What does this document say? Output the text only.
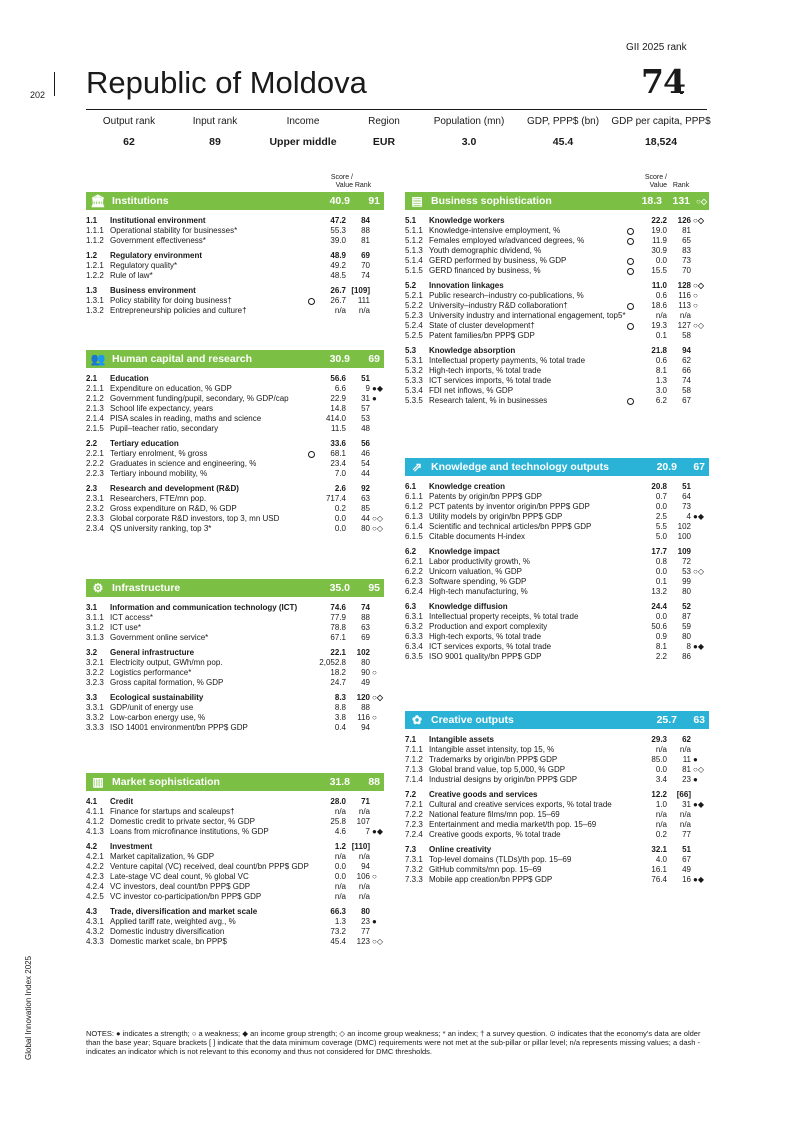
GII 2025 rank
202 Republic of Moldova	74
Output rank
62
Input rank
89
Income
Upper middle
Region
EUR
Population (mn)
3.0
GDP, PPP$ (bn)
45.4
GDP per capita, PPP$
18,524
Score /
Value Rank
Score /
Value Rank
🏛 Institutions	40.9	91
1.1 Institutional environment	47.2	84
1.1.1 Operational stability for businesses*	55.3	88
1.1.2 Government effectiveness*	39.0	81
1.2 Regulatory environment	48.9	69
1.2.1 Regulatory quality*	49.2	70
1.2.2 Rule of law*	48.5	74
1.3 Business environment	26.7 [109]
1.3.1 Policy stability for doing business†	26.7	111
1.3.2 Entrepreneurship policies and culture†	n/a	n/a
👥 Human capital and research	30.9	69
2.1 Education	56.6	51
2.1.1 Expenditure on education, % GDP	6.6	9 ●◆
2.1.2 Government funding/pupil, secondary, % GDP/cap	22.9	31 ●
2.1.3 School life expectancy, years	14.8	57
2.1.4 PISA scales in reading, maths and science	414.0	53
2.1.5 Pupil–teacher ratio, secondary	11.5	48
2.2 Tertiary education	33.6	56
2.2.1 Tertiary enrolment, % gross	68.1	46
2.2.2 Graduates in science and engineering, %	23.4	54
2.2.3 Tertiary inbound mobility, %	7.0	44
2.3 Research and development (R&D)	2.6	92
2.3.1 Researchers, FTE/mn pop.	717.4	63
2.3.2 Gross expenditure on R&D, % GDP	0.2	85
2.3.3 Global corporate R&D investors, top 3, mn USD	0.0	44 ○◇
2.3.4 QS university ranking, top 3*	0.0	80 ○◇
⚙ Infrastructure	35.0	95
3.1 Information and communication technology (ICT)	74.6	74
3.1.1 ICT access*	77.9	88
3.1.2 ICT use*	78.8	63
3.1.3 Government online service*	67.1	69
3.2 General infrastructure	22.1	102
3.2.1 Electricity output, GWh/mn pop.	2,052.8	80
3.2.2 Logistics performance*	18.2	90 ○
3.2.3 Gross capital formation, % GDP	24.7	49
3.3 Ecological sustainability	8.3	120 ○◇
3.3.1 GDP/unit of energy use	8.8	88
3.3.2 Low-carbon energy use, %	3.8	116 ○
3.3.3 ISO 14001 environment/bn PPP$ GDP	0.4	94
▥ Market sophistication	31.8	88
4.1 Credit	28.0	71
4.1.1 Finance for startups and scaleups†	n/a	n/a
4.1.2 Domestic credit to private sector, % GDP	25.8	107
4.1.3 Loans from microfinance institutions, % GDP	4.6	7 ●◆
4.2 Investment	1.2 [110]
4.2.1 Market capitalization, % GDP	n/a	n/a
4.2.2 Venture capital (VC) received, deal count/bn PPP$ GDP	0.0	94
4.2.3 Late-stage VC deal count, % global VC	0.0	106 ○
4.2.4 VC investors, deal count/bn PPP$ GDP	n/a	n/a
4.2.5 VC investor co-participation/bn PPP$ GDP	n/a	n/a
4.3 Trade, diversification and market scale	66.3	80
4.3.1 Applied tariff rate, weighted avg., %	1.3	23 ●
4.3.2 Domestic industry diversification	73.2	77
4.3.3 Domestic market scale, bn PPP$	45.4	123 ○◇
▤ Business sophistication	18.3 131 ○◇
5.1 Knowledge workers	22.2	126 ○◇
5.1.1 Knowledge-intensive employment, %	19.0	81
5.1.2 Females employed w/advanced degrees, %	11.9	65
5.1.3 Youth demographic dividend, %	30.9	83
5.1.4 GERD performed by business, % GDP	0.0	73
5.1.5 GERD financed by business, %	15.5	70
5.2 Innovation linkages	11.0	128 ○◇
5.2.1 Public research–industry co-publications, %	0.6	116 ○
5.2.2 University–industry R&D collaboration†	18.6	113 ○
5.2.3 University industry and international engagement, top5*	n/a	n/a
5.2.4 State of cluster development†	19.3	127 ○◇
5.2.5 Patent families/bn PPP$ GDP	0.1	58
5.3 Knowledge absorption	21.8	94
5.3.1 Intellectual property payments, % total trade	0.6	62
5.3.2 High-tech imports, % total trade	8.1	66
5.3.3 ICT services imports, % total trade	1.3	74
5.3.4 FDI net inflows, % GDP	3.0	58
5.3.5 Research talent, % in businesses	6.2	67
⇗ Knowledge and technology outputs	20.9	67
6.1 Knowledge creation	20.8	51
6.1.1 Patents by origin/bn PPP$ GDP	0.7	64
6.1.2 PCT patents by inventor origin/bn PPP$ GDP	0.0	73
6.1.3 Utility models by origin/bn PPP$ GDP	2.5	4 ●◆
6.1.4 Scientific and technical articles/bn PPP$ GDP	5.5	102
6.1.5 Citable documents H-index	5.0	100
6.2 Knowledge impact	17.7	109
6.2.1 Labor productivity growth, %	0.8	72
6.2.2 Unicorn valuation, % GDP	0.0	53 ○◇
6.2.3 Software spending, % GDP	0.1	99
6.2.4 High-tech manufacturing, %	13.2	80
6.3 Knowledge diffusion	24.4	52
6.3.1 Intellectual property receipts, % total trade	0.0	87
6.3.2 Production and export complexity	50.6	59
6.3.3 High-tech exports, % total trade	0.9	80
6.3.4 ICT services exports, % total trade	8.1	8 ●◆
6.3.5 ISO 9001 quality/bn PPP$ GDP	2.2	86
✿ Creative outputs	25.7	63
7.1 Intangible assets	29.3	62
7.1.1 Intangible asset intensity, top 15, %	n/a	n/a
7.1.2 Trademarks by origin/bn PPP$ GDP	85.0	11 ●
7.1.3 Global brand value, top 5,000, % GDP	0.0	81 ○◇
7.1.4 Industrial designs by origin/bn PPP$ GDP	3.4	23 ●
7.2 Creative goods and services	12.2	[66]
7.2.1 Cultural and creative services exports, % total trade	1.0	31 ●◆
7.2.2 National feature films/mn pop. 15–69	n/a	n/a
7.2.3 Entertainment and media market/th pop. 15–69	n/a	n/a
7.2.4 Creative goods exports, % total trade	0.2	77
7.3 Online creativity	32.1	51
7.3.1 Top-level domains (TLDs)/th pop. 15–69	4.0	67
7.3.2 GitHub commits/mn pop. 15–69	16.1	49
7.3.3 Mobile app creation/bn PPP$ GDP	76.4	16 ●◆
NOTES: ● indicates a strength; ○ a weakness; ◆ an income group strength; ◇ an income group weakness; * an index; † a survey question. ⊙ indicates that the economy's data are older than the base year; Square brackets [ ] indicate that the data minimum coverage (DMC) requirements were not met at the sub-pillar or pillar level; n/a represents missing values; a dash - indicates an indicator which is not relevant to this economy and thus not considered for DMC thresholds.
Global Innovation Index 2025
